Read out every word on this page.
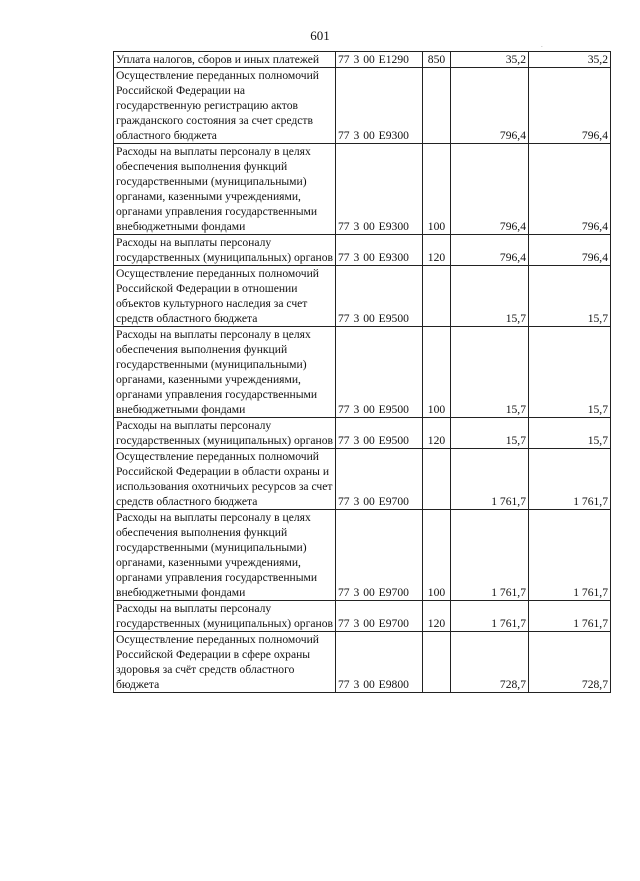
601
.
Уплата налогов, сборов и иных платежей	77 3 00 E1290	850	35,2	35,2
Осуществление переданных полномочий Российской Федерации на государственную регистрацию актов гражданского состояния за счет средств областного бюджета	77 3 00 E9300		796,4	796,4
Расходы на выплаты персоналу в целях обеспечения выполнения функций государственными (муниципальными) органами, казенными учреждениями, органами управления государственными внебюджетными фондами	77 3 00 E9300	100	796,4	796,4
Расходы на выплаты персоналу государственных (муниципальных) органов	77 3 00 E9300	120	796,4	796,4
Осуществление переданных полномочий Российской Федерации в отношении объектов культурного наследия за счет средств областного бюджета	77 3 00 E9500		15,7	15,7
Расходы на выплаты персоналу в целях обеспечения выполнения функций государственными (муниципальными) органами, казенными учреждениями, органами управления государственными внебюджетными фондами	77 3 00 E9500	100	15,7	15,7
Расходы на выплаты персоналу государственных (муниципальных) органов	77 3 00 E9500	120	15,7	15,7
Осуществление переданных полномочий Российской Федерации в области охраны и использования охотничьих ресурсов за счет средств областного бюджета	77 3 00 E9700		1 761,7	1 761,7
Расходы на выплаты персоналу в целях обеспечения выполнения функций государственными (муниципальными) органами, казенными учреждениями, органами управления государственными внебюджетными фондами	77 3 00 E9700	100	1 761,7	1 761,7
Расходы на выплаты персоналу государственных (муниципальных) органов	77 3 00 E9700	120	1 761,7	1 761,7
Осуществление переданных полномочий Российской Федерации в сфере охраны здоровья за счёт средств областного бюджета	77 3 00 E9800		728,7	728,7
